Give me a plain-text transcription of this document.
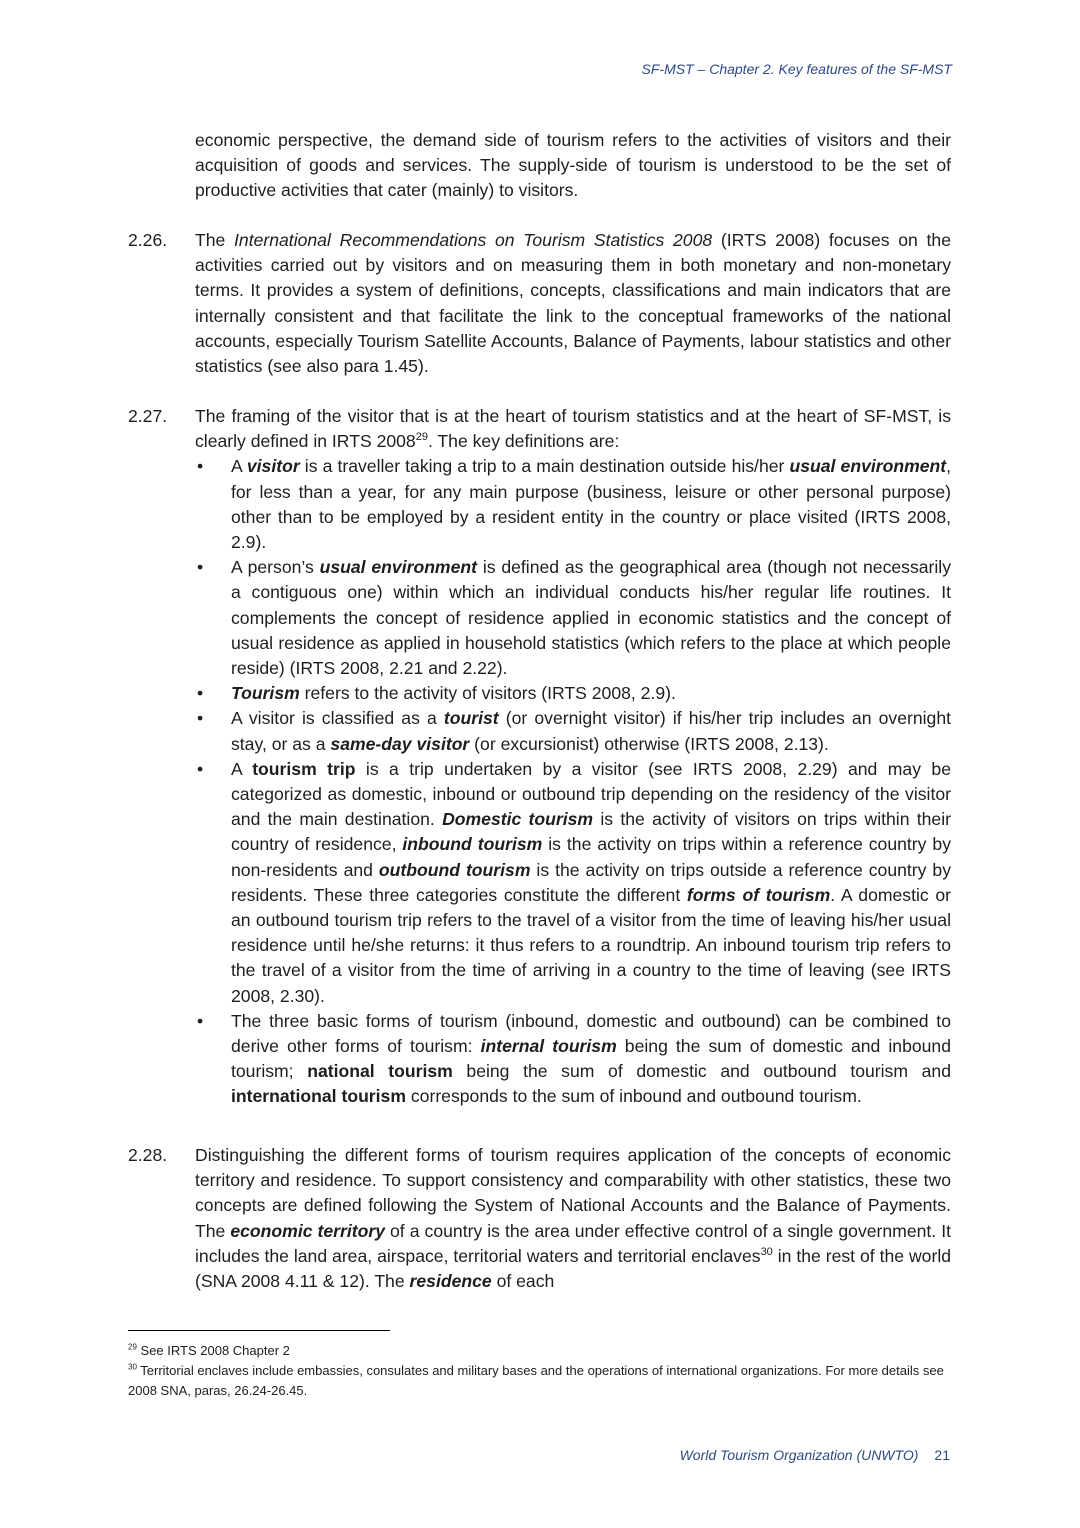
SF-MST – Chapter 2. Key features of the SF-MST
economic perspective, the demand side of tourism refers to the activities of visitors and their acquisition of goods and services. The supply-side of tourism is understood to be the set of productive activities that cater (mainly) to visitors.
2.26. The International Recommendations on Tourism Statistics 2008 (IRTS 2008) focuses on the activities carried out by visitors and on measuring them in both monetary and non-monetary terms. It provides a system of definitions, concepts, classifications and main indicators that are internally consistent and that facilitate the link to the conceptual frameworks of the national accounts, especially Tourism Satellite Accounts, Balance of Payments, labour statistics and other statistics (see also para 1.45).
2.27. The framing of the visitor that is at the heart of tourism statistics and at the heart of SF-MST, is clearly defined in IRTS 2008$^{29}$. The key definitions are:
• A visitor is a traveller taking a trip to a main destination outside his/her usual environment, for less than a year, for any main purpose (business, leisure or other personal purpose) other than to be employed by a resident entity in the country or place visited (IRTS 2008, 2.9).
• A person’s usual environment is defined as the geographical area (though not necessarily a contiguous one) within which an individual conducts his/her regular life routines. It complements the concept of residence applied in economic statistics and the concept of usual residence as applied in household statistics (which refers to the place at which people reside) (IRTS 2008, 2.21 and 2.22).
• Tourism refers to the activity of visitors (IRTS 2008, 2.9).
• A visitor is classified as a tourist (or overnight visitor) if his/her trip includes an overnight stay, or as a same-day visitor (or excursionist) otherwise (IRTS 2008, 2.13).
• A tourism trip is a trip undertaken by a visitor (see IRTS 2008, 2.29) and may be categorized as domestic, inbound or outbound trip depending on the residency of the visitor and the main destination. Domestic tourism is the activity of visitors on trips within their country of residence, inbound tourism is the activity on trips within a reference country by non-residents and outbound tourism is the activity on trips outside a reference country by residents. These three categories constitute the different forms of tourism. A domestic or an outbound tourism trip refers to the travel of a visitor from the time of leaving his/her usual residence until he/she returns: it thus refers to a roundtrip. An inbound tourism trip refers to the travel of a visitor from the time of arriving in a country to the time of leaving (see IRTS 2008, 2.30).
• The three basic forms of tourism (inbound, domestic and outbound) can be combined to derive other forms of tourism: internal tourism being the sum of domestic and inbound tourism; national tourism being the sum of domestic and outbound tourism and international tourism corresponds to the sum of inbound and outbound tourism.
2.28. Distinguishing the different forms of tourism requires application of the concepts of economic territory and residence. To support consistency and comparability with other statistics, these two concepts are defined following the System of National Accounts and the Balance of Payments. The economic territory of a country is the area under effective control of a single government. It includes the land area, airspace, territorial waters and territorial enclaves$^{30}$ in the rest of the world (SNA 2008 4.11 & 12). The residence of each
$^{29}$ See IRTS 2008 Chapter 2
$^{30}$ Territorial enclaves include embassies, consulates and military bases and the operations of international organizations. For more details see 2008 SNA, paras, 26.24-26.45.
World Tourism Organization (UNWTO) 21
